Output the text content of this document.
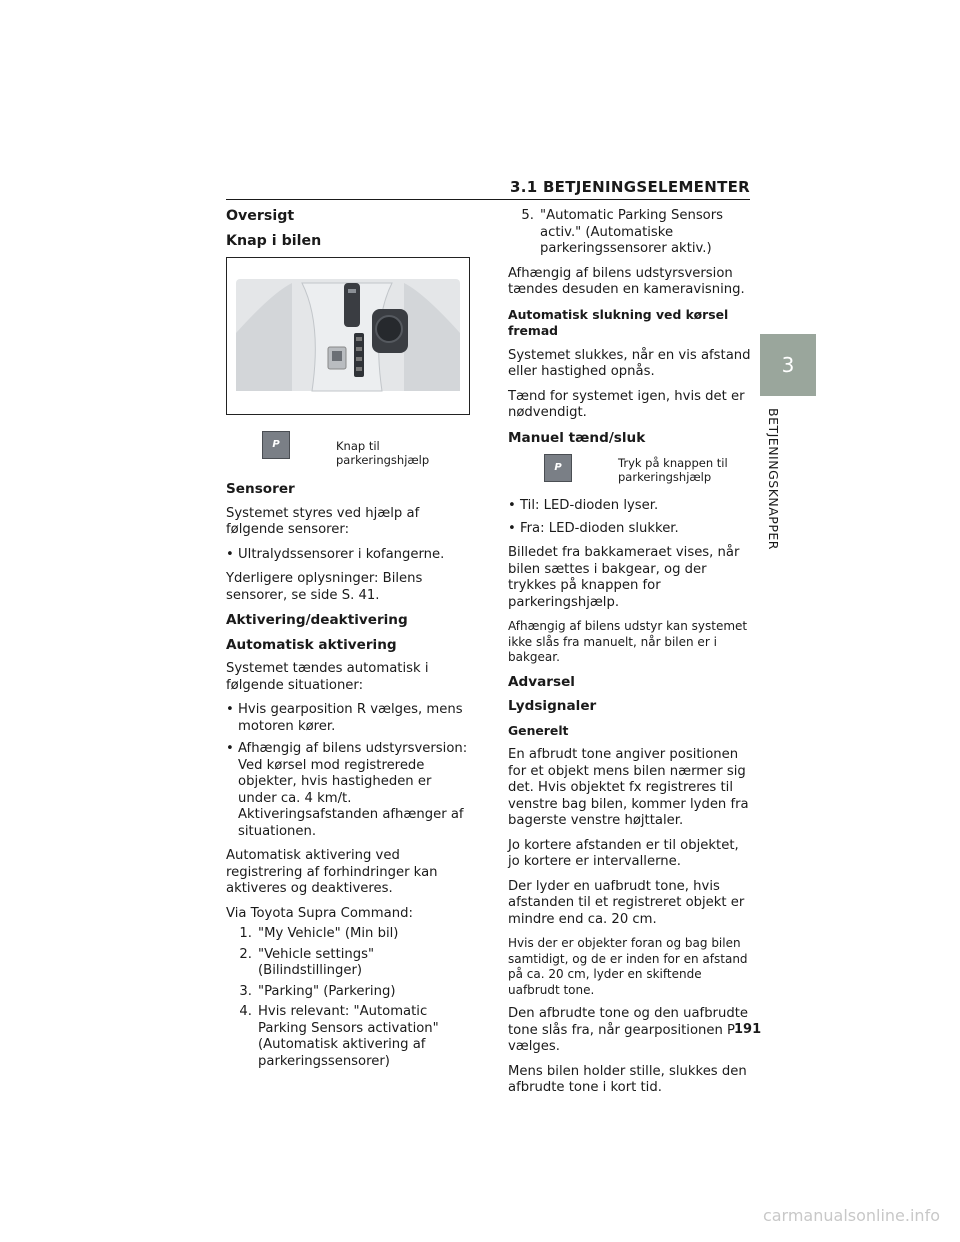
3.1 BETJENINGSELEMENTER
3
BETJENINGSKNAPPER
Oversigt
Knap i bilen
P	Knap til parkeringshjælp
Sensorer

Systemet styres ved hjælp af følgende sensorer:

• Ultralydssensorer i kofangerne.

Yderligere oplysninger: Bilens sensorer, se side S. 41.

Aktivering/deaktivering
Automatisk aktivering

Systemet tændes automatisk i følgende situationer:

• Hvis gearposition R vælges, mens motoren kører.
• Afhængig af bilens udstyrsversion: Ved kørsel mod registrerede objekter, hvis hastigheden er under ca. 4 km/t. Aktiveringsafstanden afhænger af situationen.

Automatisk aktivering ved registrering af forhindringer kan aktiveres og deaktiveres.

Via Toyota Supra Command:

1. "My Vehicle" (Min bil)
2. "Vehicle settings" (Bilindstillinger)
3. "Parking" (Parkering)
4. Hvis relevant: "Automatic Parking Sensors activation" (Automatisk aktivering af parkeringssensorer)
5. "Automatic Parking Sensors activ." (Automatiske parkeringssensorer aktiv.)

Afhængig af bilens udstyrsversion tændes desuden en kameravisning.

Automatisk slukning ved kørsel fremad

Systemet slukkes, når en vis afstand eller hastighed opnås.

Tænd for systemet igen, hvis det er nødvendigt.

Manuel tænd/sluk
P	Tryk på knappen til parkeringshjælp
• Til: LED-dioden lyser.
• Fra: LED-dioden slukker.

Billedet fra bakkameraet vises, når bilen sættes i bakgear, og der trykkes på knappen for parkeringshjælp.

Afhængig af bilens udstyr kan systemet ikke slås fra manuelt, når bilen er i bakgear.

Advarsel
Lydsignaler
Generelt

En afbrudt tone angiver positionen for et objekt mens bilen nærmer sig det. Hvis objektet fx registreres til venstre bag bilen, kommer lyden fra bagerste venstre højttaler.

Jo kortere afstanden er til objektet, jo kortere er intervallerne.

Der lyder en uafbrudt tone, hvis afstanden til et registreret objekt er mindre end ca. 20 cm.

Hvis der er objekter foran og bag bilen samtidigt, og de er inden for en afstand på ca. 20 cm, lyder en skiftende uafbrudt tone.

Den afbrudte tone og den uafbrudte tone slås fra, når gearpositionen P vælges.

Mens bilen holder stille, slukkes den afbrudte tone i kort tid.

191
carmanualsonline.info
